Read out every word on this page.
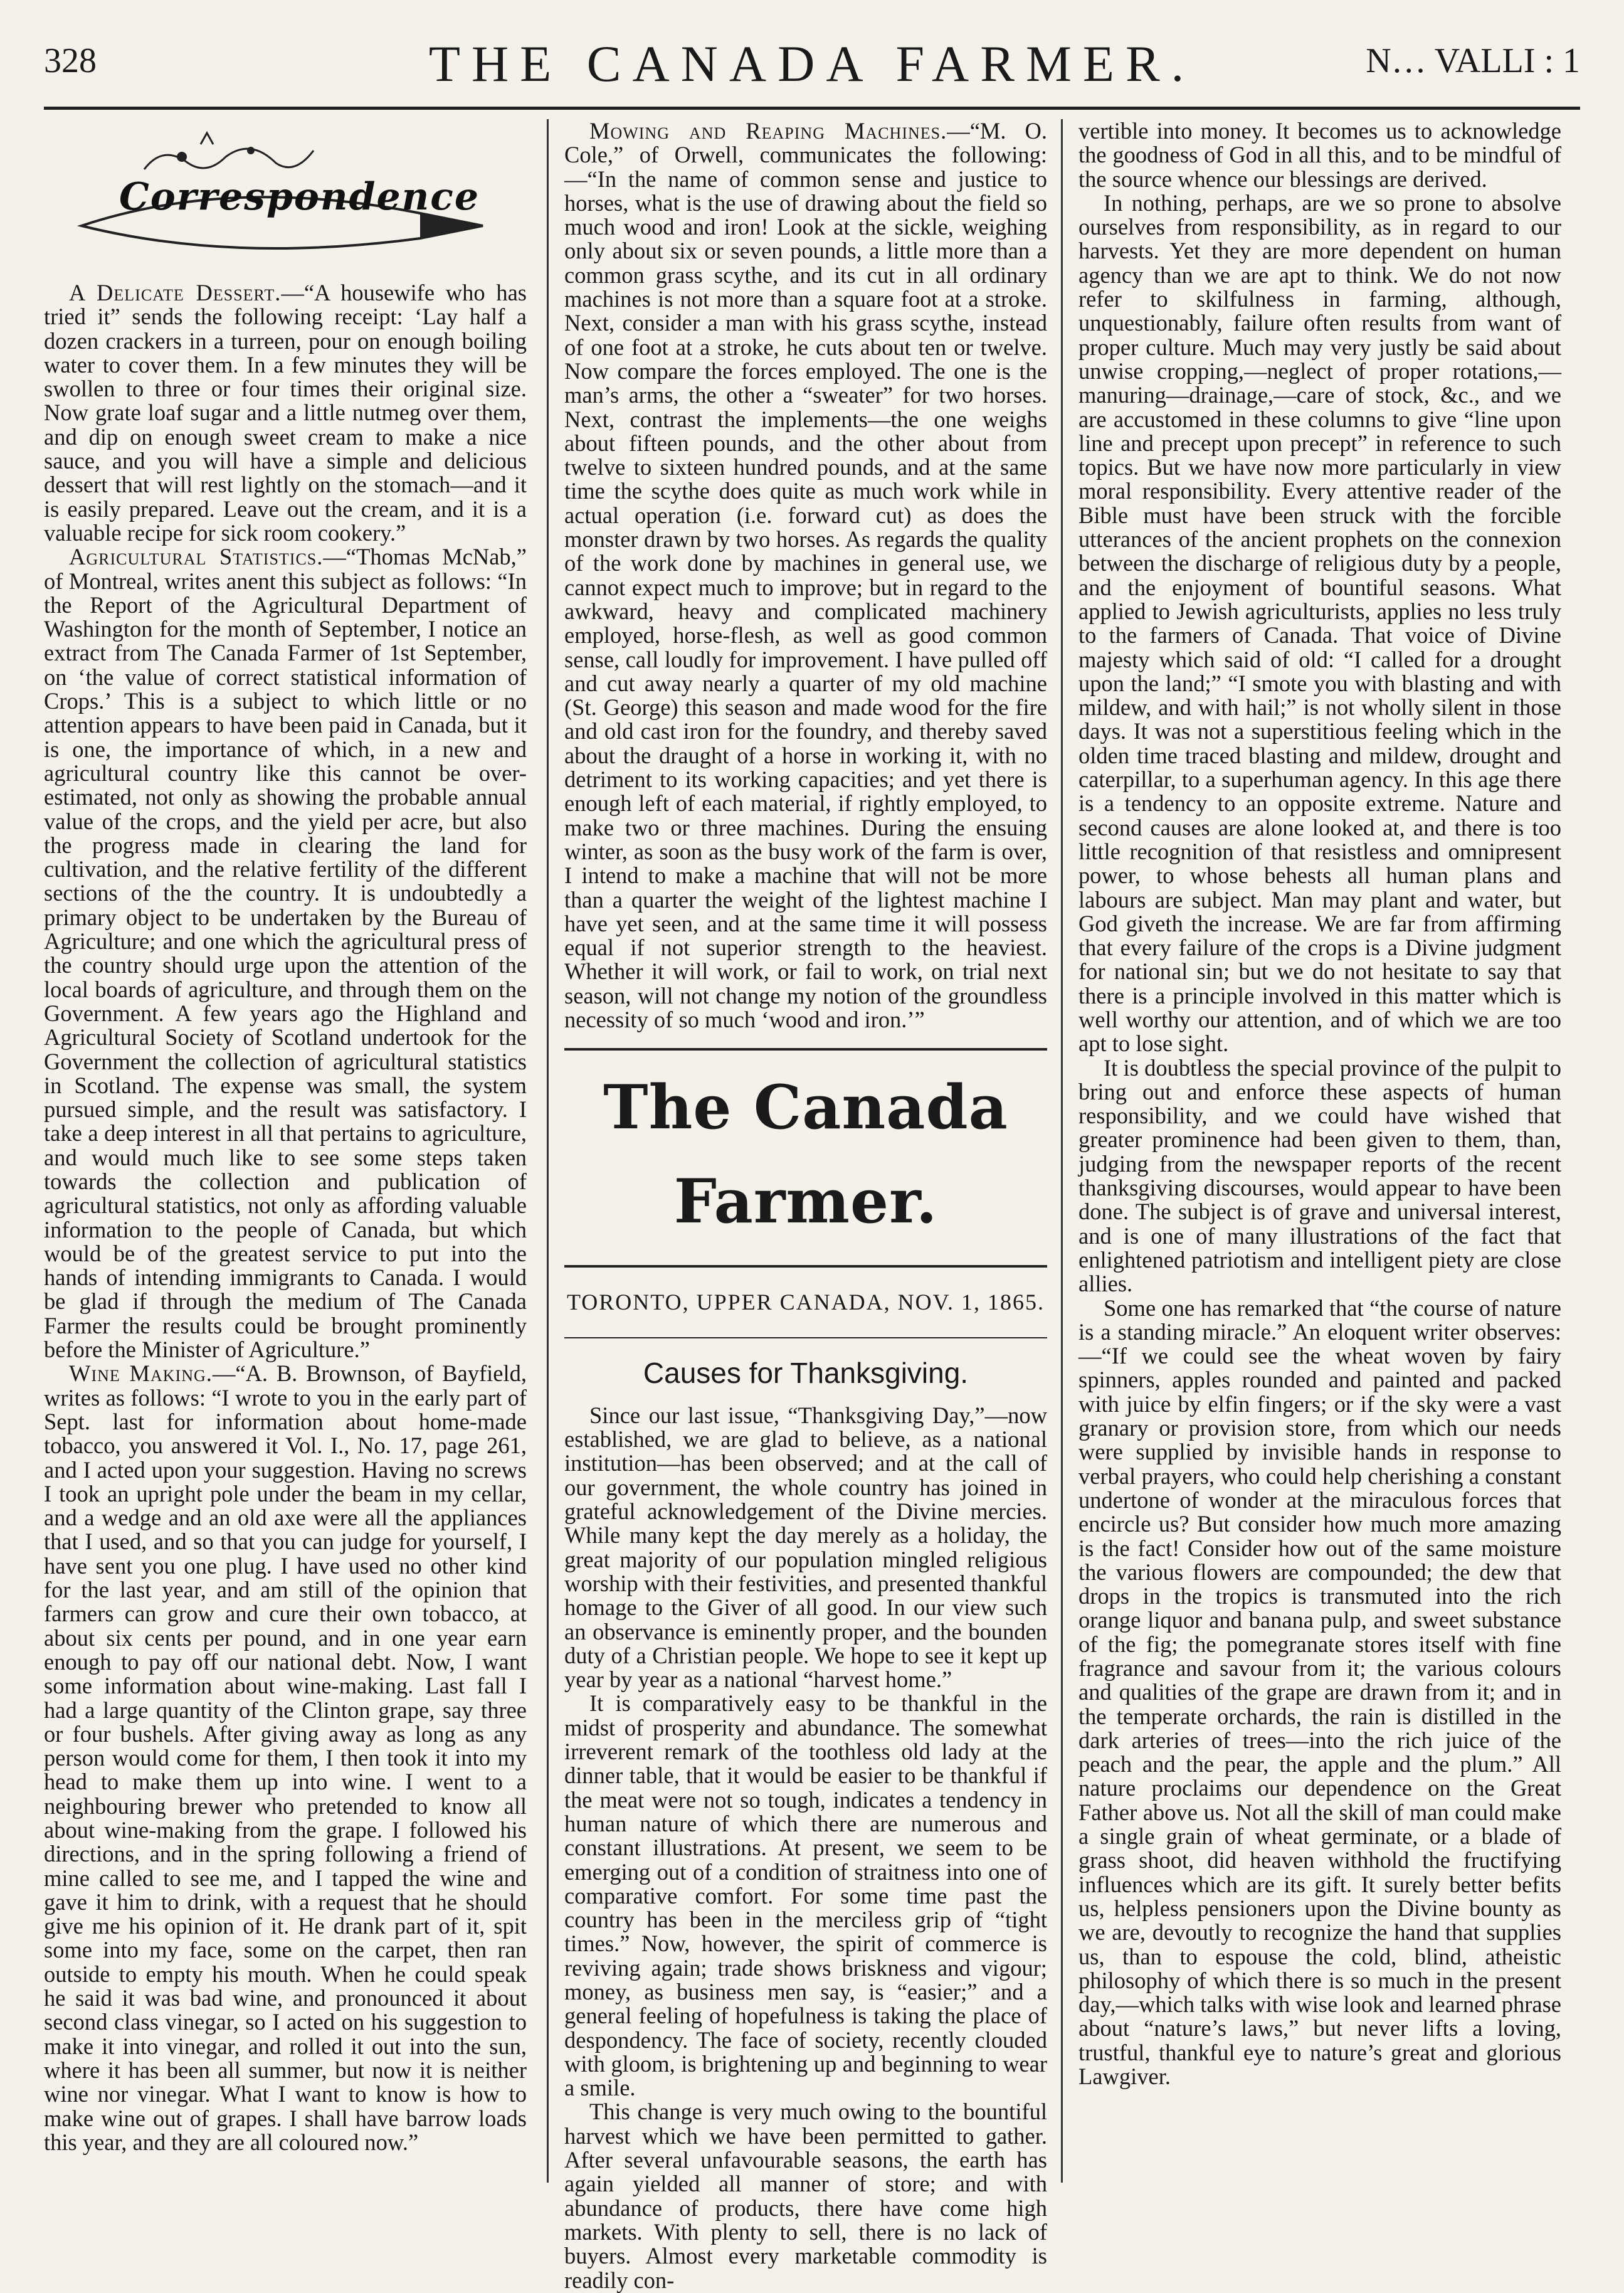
328	THE CANADA FARMER.	N… VALLI : 1
Correspondence

A Delicate Dessert.—“A housewife who has tried it” sends the following receipt: ‘Lay half a dozen crackers in a turreen, pour on enough boiling water to cover them. In a few minutes they will be swollen to three or four times their original size. Now grate loaf sugar and a little nutmeg over them, and dip on enough sweet cream to make a nice sauce, and you will have a simple and delicious dessert that will rest lightly on the stomach—and it is easily prepared. Leave out the cream, and it is a valuable recipe for sick room cookery.”

Agricultural Statistics.—“Thomas McNab,” of Montreal, writes anent this subject as follows: “In the Report of the Agricultural Department of Washington for the month of September, I notice an extract from The Canada Farmer of 1st September, on ‘the value of correct statistical information of Crops.’ This is a subject to which little or no attention appears to have been paid in Canada, but it is one, the importance of which, in a new and agricultural country like this cannot be over-estimated, not only as showing the probable annual value of the crops, and the yield per acre, but also the progress made in clearing the land for cultivation, and the relative fertility of the different sections of the the country. It is undoubtedly a primary object to be undertaken by the Bureau of Agriculture; and one which the agricultural press of the country should urge upon the attention of the local boards of agriculture, and through them on the Government. A few years ago the Highland and Agricultural Society of Scotland undertook for the Government the collection of agricultural statistics in Scotland. The expense was small, the system pursued simple, and the result was satisfactory. I take a deep interest in all that pertains to agriculture, and would much like to see some steps taken towards the collection and publication of agricultural statistics, not only as affording valuable information to the people of Canada, but which would be of the greatest service to put into the hands of intending immigrants to Canada. I would be glad if through the medium of The Canada Farmer the results could be brought prominently before the Minister of Agriculture.”

Wine Making.—“A. B. Brownson, of Bayfield, writes as follows: “I wrote to you in the early part of Sept. last for information about home-made tobacco, you answered it Vol. I., No. 17, page 261, and I acted upon your suggestion. Having no screws I took an upright pole under the beam in my cellar, and a wedge and an old axe were all the appliances that I used, and so that you can judge for yourself, I have sent you one plug. I have used no other kind for the last year, and am still of the opinion that farmers can grow and cure their own tobacco, at about six cents per pound, and in one year earn enough to pay off our national debt. Now, I want some information about wine-making. Last fall I had a large quantity of the Clinton grape, say three or four bushels. After giving away as long as any person would come for them, I then took it into my head to make them up into wine. I went to a neighbouring brewer who pretended to know all about wine-making from the grape. I followed his directions, and in the spring following a friend of mine called to see me, and I tapped the wine and gave it him to drink, with a request that he should give me his opinion of it. He drank part of it, spit some into my face, some on the carpet, then ran outside to empty his mouth. When he could speak he said it was bad wine, and pronounced it about second class vinegar, so I acted on his suggestion to make it into vinegar, and rolled it out into the sun, where it has been all summer, but now it is neither wine nor vinegar. What I want to know is how to make wine out of grapes. I shall have barrow loads this year, and they are all coloured now.”

Mowing and Reaping Machines.—“M. O. Cole,” of Orwell, communicates the following:—“In the name of common sense and justice to horses, what is the use of drawing about the field so much wood and iron! Look at the sickle, weighing only about six or seven pounds, a little more than a common grass scythe, and its cut in all ordinary machines is not more than a square foot at a stroke. Next, consider a man with his grass scythe, instead of one foot at a stroke, he cuts about ten or twelve. Now compare the forces employed. The one is the man’s arms, the other a “sweater” for two horses. Next, contrast the implements—the one weighs about fifteen pounds, and the other about from twelve to sixteen hundred pounds, and at the same time the scythe does quite as much work while in actual operation (i.e. forward cut) as does the monster drawn by two horses. As regards the quality of the work done by machines in general use, we cannot expect much to improve; but in regard to the awkward, heavy and complicated machinery employed, horse-flesh, as well as good common sense, call loudly for improvement. I have pulled off and cut away nearly a quarter of my old machine (St. George) this season and made wood for the fire and old cast iron for the foundry, and thereby saved about the draught of a horse in working it, with no detriment to its working capacities; and yet there is enough left of each material, if rightly employed, to make two or three machines. During the ensuing winter, as soon as the busy work of the farm is over, I intend to make a machine that will not be more than a quarter the weight of the lightest machine I have yet seen, and at the same time it will possess equal if not superior strength to the heaviest. Whether it will work, or fail to work, on trial next season, will not change my notion of the groundless necessity of so much ‘wood and iron.’”

The Canada Farmer.
TORONTO, UPPER CANADA, NOV. 1, 1865.
Causes for Thanksgiving.

Since our last issue, “Thanksgiving Day,”—now established, we are glad to believe, as a national institution—has been observed; and at the call of our government, the whole country has joined in grateful acknowledgement of the Divine mercies. While many kept the day merely as a holiday, the great majority of our population mingled religious worship with their festivities, and presented thankful homage to the Giver of all good. In our view such an observance is eminently proper, and the bounden duty of a Christian people. We hope to see it kept up year by year as a national “harvest home.”

It is comparatively easy to be thankful in the midst of prosperity and abundance. The somewhat irreverent remark of the toothless old lady at the dinner table, that it would be easier to be thankful if the meat were not so tough, indicates a tendency in human nature of which there are numerous and constant illustrations. At present, we seem to be emerging out of a condition of straitness into one of comparative comfort. For some time past the country has been in the merciless grip of “tight times.” Now, however, the spirit of commerce is reviving again; trade shows briskness and vigour; money, as business men say, is “easier;” and a general feeling of hopefulness is taking the place of despondency. The face of society, recently clouded with gloom, is brightening up and beginning to wear a smile.

This change is very much owing to the bountiful harvest which we have been permitted to gather. After several unfavourable seasons, the earth has again yielded all manner of store; and with abundance of products, there have come high markets. With plenty to sell, there is no lack of buyers. Almost every marketable commodity is readily con-

vertible into money. It becomes us to acknowledge the goodness of God in all this, and to be mindful of the source whence our blessings are derived.

In nothing, perhaps, are we so prone to absolve ourselves from responsibility, as in regard to our harvests. Yet they are more dependent on human agency than we are apt to think. We do not now refer to skilfulness in farming, although, unquestionably, failure often results from want of proper culture. Much may very justly be said about unwise cropping,—neglect of proper rotations,—manuring—drainage,—care of stock, &c., and we are accustomed in these columns to give “line upon line and precept upon precept” in reference to such topics. But we have now more particularly in view moral responsibility. Every attentive reader of the Bible must have been struck with the forcible utterances of the ancient prophets on the connexion between the discharge of religious duty by a people, and the enjoyment of bountiful seasons. What applied to Jewish agriculturists, applies no less truly to the farmers of Canada. That voice of Divine majesty which said of old: “I called for a drought upon the land;” “I smote you with blasting and with mildew, and with hail;” is not wholly silent in those days. It was not a superstitious feeling which in the olden time traced blasting and mildew, drought and caterpillar, to a superhuman agency. In this age there is a tendency to an opposite extreme. Nature and second causes are alone looked at, and there is too little recognition of that resistless and omnipresent power, to whose behests all human plans and labours are subject. Man may plant and water, but God giveth the increase. We are far from affirming that every failure of the crops is a Divine judgment for national sin; but we do not hesitate to say that there is a principle involved in this matter which is well worthy our attention, and of which we are too apt to lose sight.

It is doubtless the special province of the pulpit to bring out and enforce these aspects of human responsibility, and we could have wished that greater prominence had been given to them, than, judging from the newspaper reports of the recent thanksgiving discourses, would appear to have been done. The subject is of grave and universal interest, and is one of many illustrations of the fact that enlightened patriotism and intelligent piety are close allies.

Some one has remarked that “the course of nature is a standing miracle.” An eloquent writer observes:—“If we could see the wheat woven by fairy spinners, apples rounded and painted and packed with juice by elfin fingers; or if the sky were a vast granary or provision store, from which our needs were supplied by invisible hands in response to verbal prayers, who could help cherishing a constant undertone of wonder at the miraculous forces that encircle us? But consider how much more amazing is the fact! Consider how out of the same moisture the various flowers are compounded; the dew that drops in the tropics is transmuted into the rich orange liquor and banana pulp, and sweet substance of the fig; the pomegranate stores itself with fine fragrance and savour from it; the various colours and qualities of the grape are drawn from it; and in the temperate orchards, the rain is distilled in the dark arteries of trees—into the rich juice of the peach and the pear, the apple and the plum.” All nature proclaims our dependence on the Great Father above us. Not all the skill of man could make a single grain of wheat germinate, or a blade of grass shoot, did heaven withhold the fructifying influences which are its gift. It surely better befits us, helpless pensioners upon the Divine bounty as we are, devoutly to recognize the hand that supplies us, than to espouse the cold, blind, atheistic philosophy of which there is so much in the present day,—which talks with wise look and learned phrase about “nature’s laws,” but never lifts a loving, trustful, thankful eye to nature’s great and glorious Lawgiver.
